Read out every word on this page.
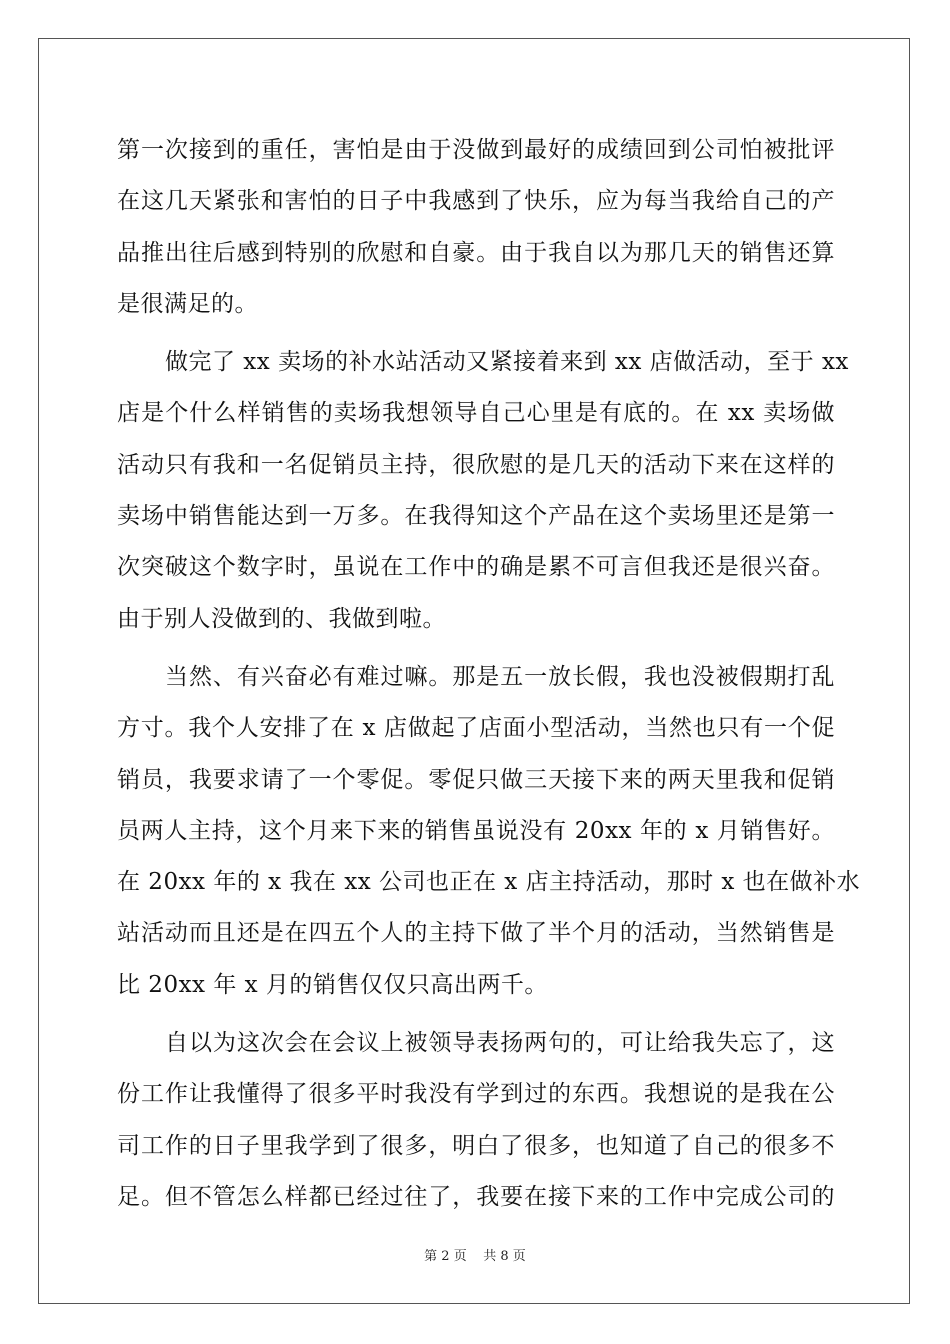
第一次接到的重任，害怕是由于没做到最好的成绩回到公司怕被批评
在这几天紧张和害怕的日子中我感到了快乐，应为每当我给自己的产
品推出往后感到特别的欣慰和自豪。由于我自以为那几天的销售还算
是很满足的。
做完了 xx 卖场的补水站活动又紧接着来到 xx 店做活动，至于 xx
店是个什么样销售的卖场我想领导自己心里是有底的。在 xx 卖场做
活动只有我和一名促销员主持，很欣慰的是几天的活动下来在这样的
卖场中销售能达到一万多。在我得知这个产品在这个卖场里还是第一
次突破这个数字时，虽说在工作中的确是累不可言但我还是很兴奋。
由于别人没做到的、我做到啦。
当然、有兴奋必有难过嘛。那是五一放长假，我也没被假期打乱
方寸。我个人安排了在 x 店做起了店面小型活动，当然也只有一个促
销员，我要求请了一个零促。零促只做三天接下来的两天里我和促销
员两人主持，这个月来下来的销售虽说没有 20xx 年的 x 月销售好。
在 20xx 年的 x 我在 xx 公司也正在 x 店主持活动，那时 x 也在做补水
站活动而且还是在四五个人的主持下做了半个月的活动，当然销售是
比 20xx 年 x 月的销售仅仅只高出两千。
自以为这次会在会议上被领导表扬两句的，可让给我失忘了，这
份工作让我懂得了很多平时我没有学到过的东西。我想说的是我在公
司工作的日子里我学到了很多，明白了很多，也知道了自己的很多不
足。但不管怎么样都已经过往了，我要在接下来的工作中完成公司的
第 2 页 共 8 页
